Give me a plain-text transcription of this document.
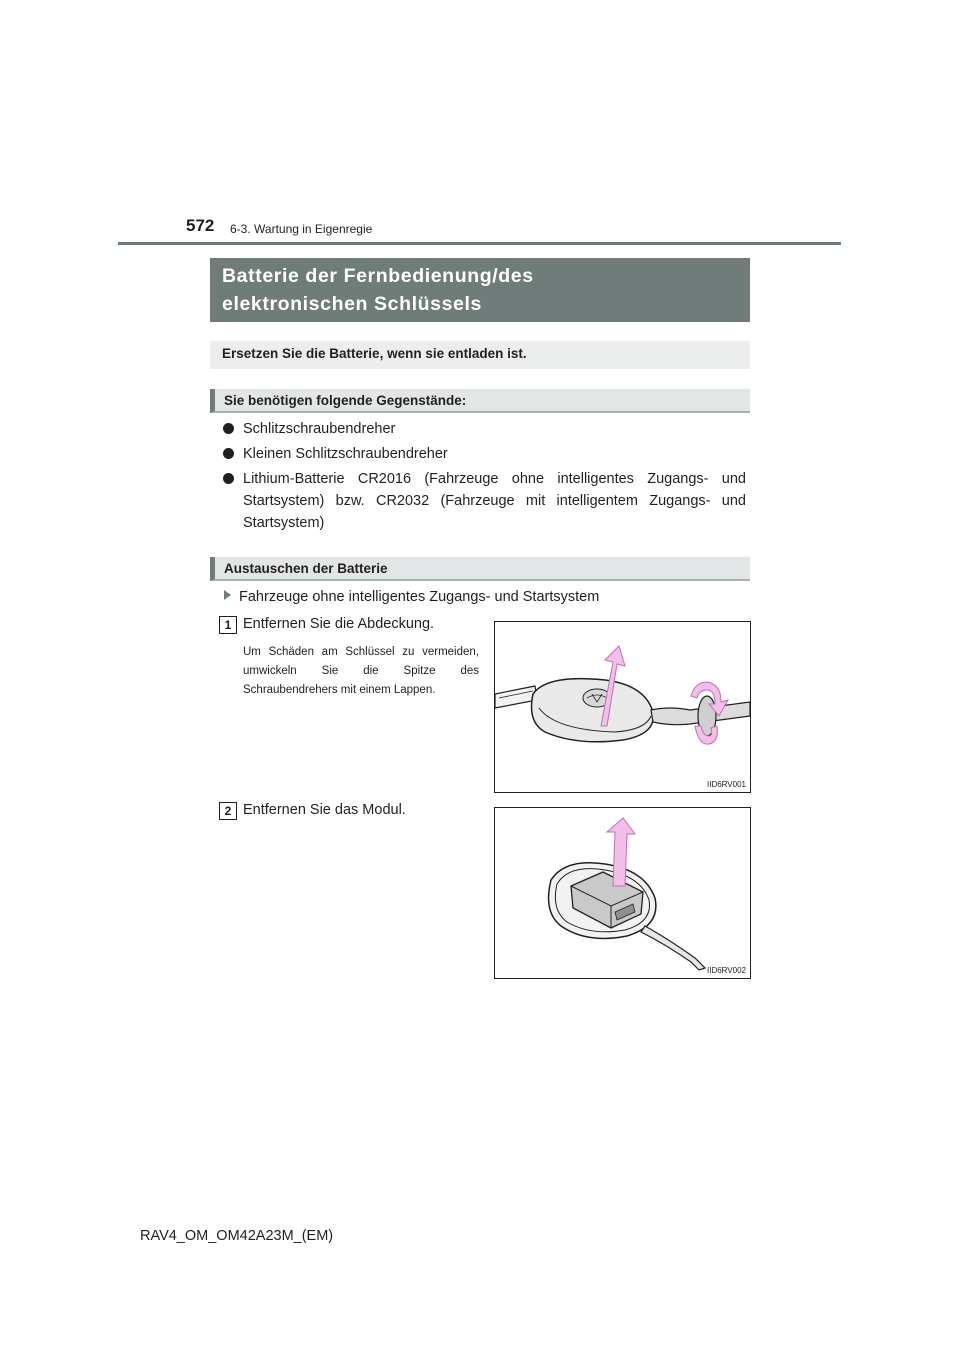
572 6-3. Wartung in Eigenregie
Batterie der Fernbedienung/des
elektronischen Schlüssels
Ersetzen Sie die Batterie, wenn sie entladen ist.
Sie benötigen folgende Gegenstände:
Schlitzschraubendreher
Kleinen Schlitzschraubendreher
Lithium-Batterie CR2016 (Fahrzeuge ohne intelligentes Zugangs- und Startsystem) bzw. CR2032 (Fahrzeuge mit intelligentem Zugangs- und Startsystem)
Austauschen der Batterie
Fahrzeuge ohne intelligentes Zugangs- und Startsystem
1 Entfernen Sie die Abdeckung.
Um Schäden am Schlüssel zu vermeiden, umwickeln Sie die Spitze des Schraubendrehers mit einem Lappen.
IID6RV001
2 Entfernen Sie das Modul.
IID6RV002
RAV4_OM_OM42A23M_(EM)
